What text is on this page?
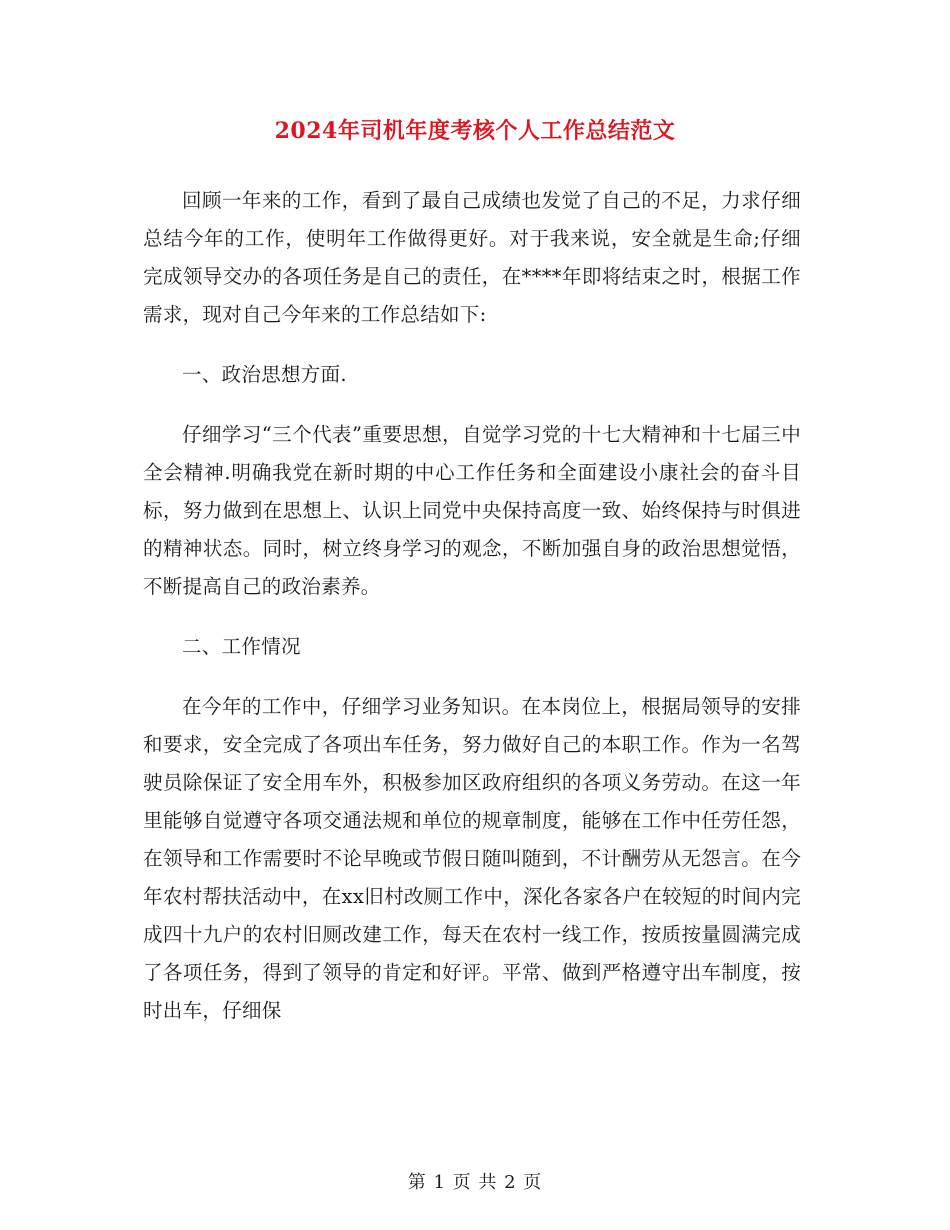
2024年司机年度考核个人工作总结范文

回顾一年来的工作，看到了最自己成绩也发觉了自己的不足，力求仔细总结今年的工作，使明年工作做得更好。对于我来说，安全就是生命;仔细完成领导交办的各项任务是自己的责任，在****年即将结束之时，根据工作需求，现对自己今年来的工作总结如下:

一、政治思想方面.

仔细学习“三个代表”重要思想，自觉学习党的十七大精神和十七届三中全会精神.明确我党在新时期的中心工作任务和全面建设小康社会的奋斗目标，努力做到在思想上、认识上同党中央保持高度一致、始终保持与时俱进的精神状态。同时，树立终身学习的观念，不断加强自身的政治思想觉悟，不断提高自己的政治素养。

二、工作情况

在今年的工作中，仔细学习业务知识。在本岗位上，根据局领导的安排和要求，安全完成了各项出车任务，努力做好自己的本职工作。作为一名驾驶员除保证了安全用车外，积极参加区政府组织的各项义务劳动。在这一年里能够自觉遵守各项交通法规和单位的规章制度，能够在工作中任劳任怨，在领导和工作需要时不论早晚或节假日随叫随到，不计酬劳从无怨言。在今年农村帮扶活动中，在xx旧村改厕工作中，深化各家各户在较短的时间内完成四十九户的农村旧厕改建工作，每天在农村一线工作，按质按量圆满完成了各项任务，得到了领导的肯定和好评。平常、做到严格遵守出车制度，按时出车，仔细保

第 1 页 共 2 页
